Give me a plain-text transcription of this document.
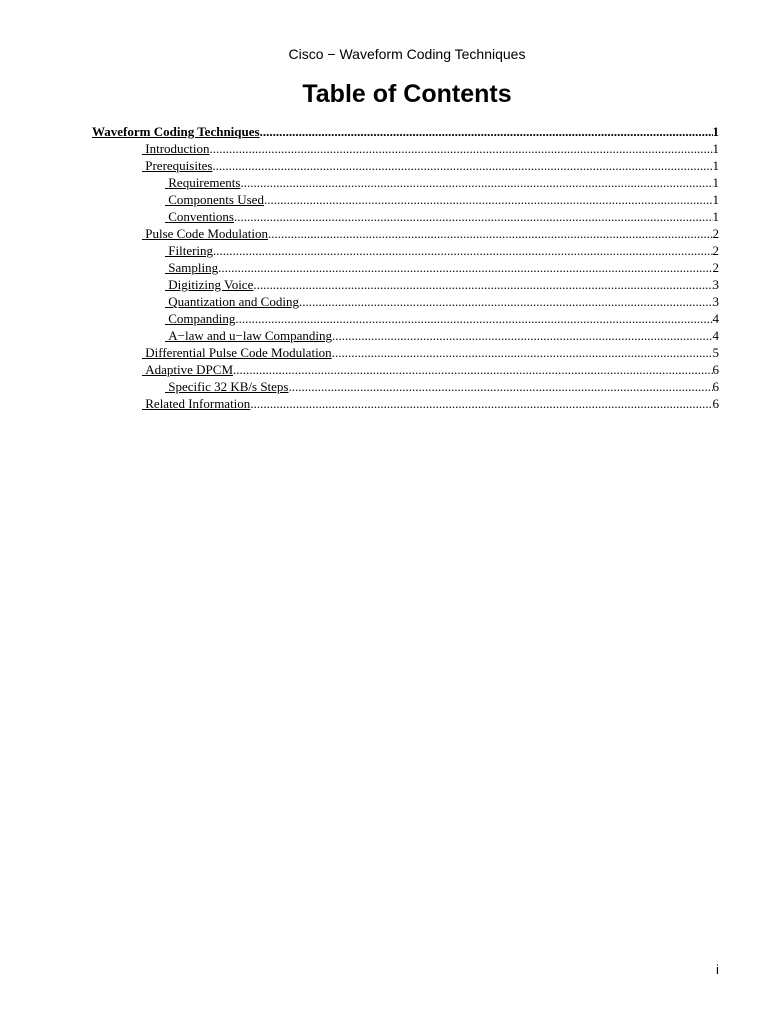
Cisco − Waveform Coding Techniques
Table of Contents
Waveform Coding Techniques .....	1
Introduction .....	1
Prerequisites .....	1
Requirements .....	1
Components Used .....	1
Conventions .....	1
Pulse Code Modulation .....	2
Filtering .....	2
Sampling .....	2
Digitizing Voice .....	3
Quantization and Coding .....	3
Companding .....	4
A−law and u−law Companding .....	4
Differential Pulse Code Modulation .....	5
Adaptive DPCM .....	6
Specific 32 KB/s Steps .....	6
Related Information .....	6
i
